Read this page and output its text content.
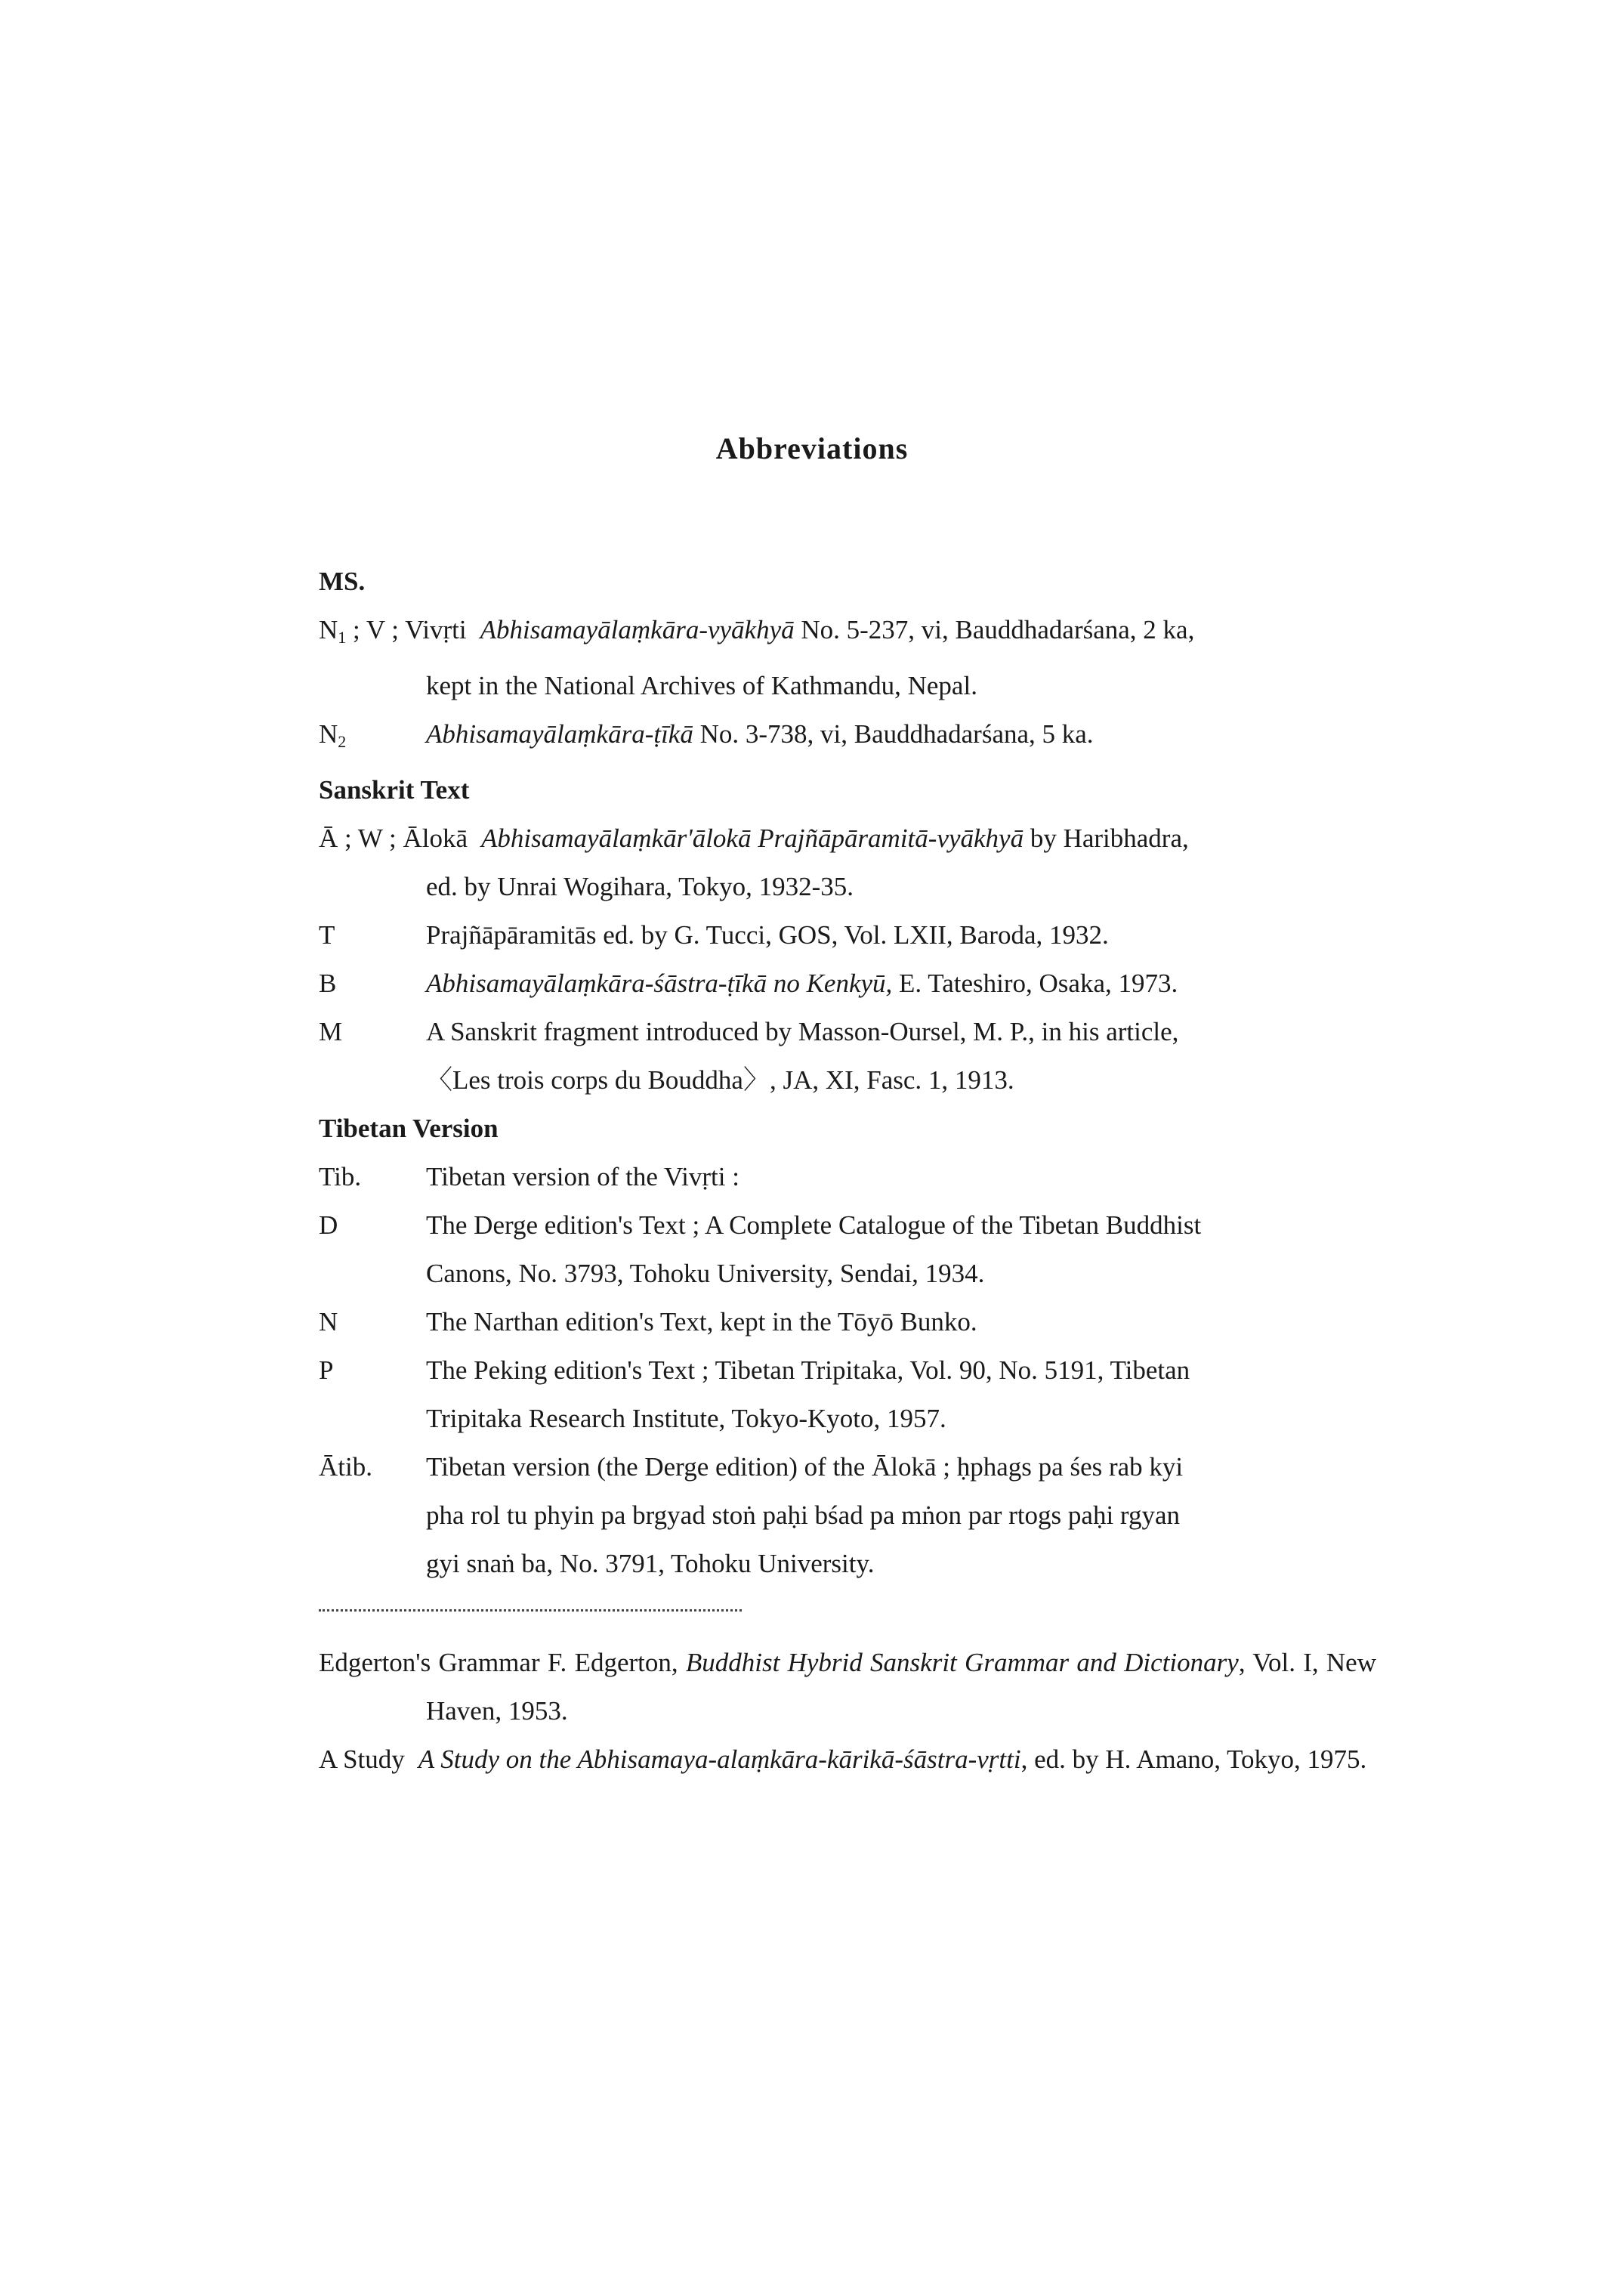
Abbreviations
MS.
$N_1$ ; V ; Vivṛti Abhisamayālaṃkāra-vyākhyā No. 5-237, vi, Bauddhadarśana, 2 ka,
kept in the National Archives of Kathmandu, Nepal.
$N_2$	Abhisamayālaṃkāra-ṭīkā No. 3-738, vi, Bauddhadarśana, 5 ka.
Sanskrit Text
Ā ; W ; Ālokā Abhisamayālaṃkār'ālokā Prajñāpāramitā-vyākhyā by Haribhadra,
ed. by Unrai Wogihara, Tokyo, 1932-35.
T	Prajñāpāramitās ed. by G. Tucci, GOS, Vol. LXII, Baroda, 1932.
B	Abhisamayālaṃkāra-śāstra-ṭīkā no Kenkyū, E. Tateshiro, Osaka, 1973.
M	A Sanskrit fragment introduced by Masson-Oursel, M. P., in his article,
〈Les trois corps du Bouddha〉, JA, XI, Fasc. 1, 1913.
Tibetan Version
Tib.	Tibetan version of the Vivṛti :
D	The Derge edition's Text ; A Complete Catalogue of the Tibetan Buddhist
Canons, No. 3793, Tohoku University, Sendai, 1934.
N	The Narthan edition's Text, kept in the Tōyō Bunko.
P	The Peking edition's Text ; Tibetan Tripitaka, Vol. 90, No. 5191, Tibetan
Tripitaka Research Institute, Tokyo-Kyoto, 1957.
Ātib.	Tibetan version (the Derge edition) of the Ālokā ; ḥphags pa śes rab kyi
pha rol tu phyin pa brgyad stoṅ paḥi bśad pa mṅon par rtogs paḥi rgyan
gyi snaṅ ba, No. 3791, Tohoku University.
Edgerton's Grammar F. Edgerton, Buddhist Hybrid Sanskrit Grammar and Dictionary, Vol. I, New Haven, 1953.
A Study A Study on the Abhisamaya-alaṃkāra-kārikā-śāstra-vṛtti, ed. by H. Amano, Tokyo, 1975.
